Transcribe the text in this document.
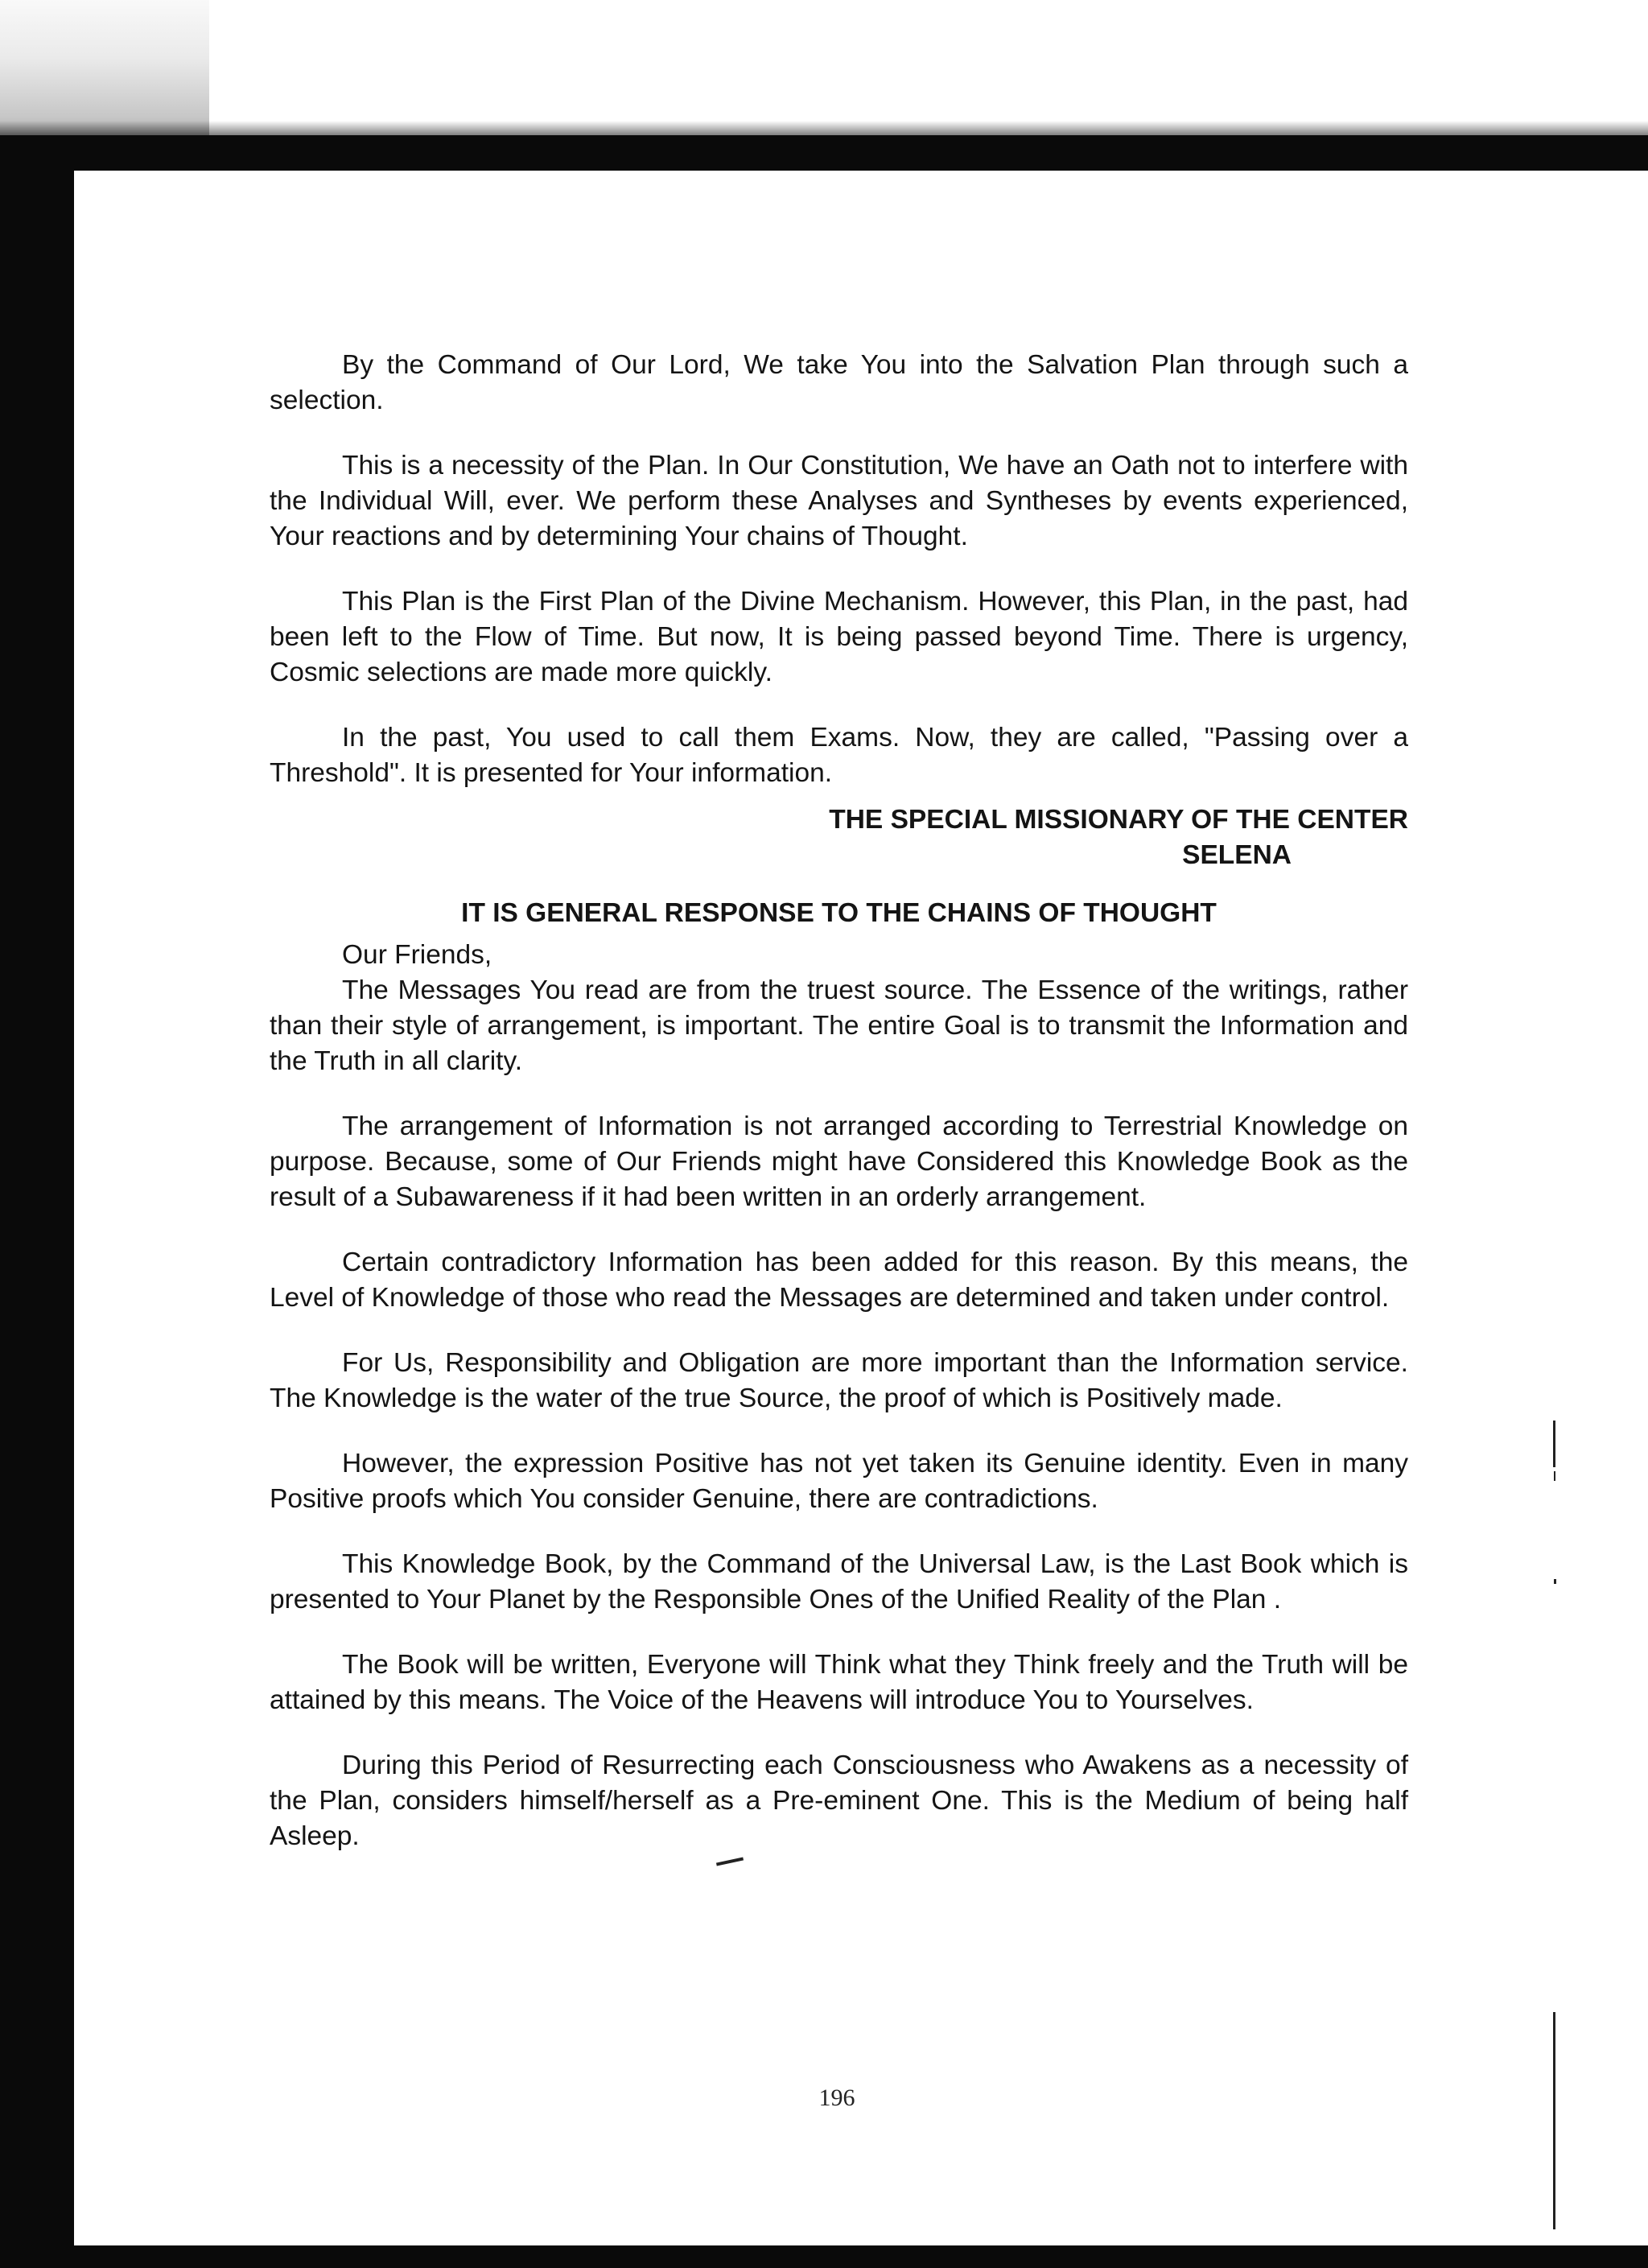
By the Command of Our Lord, We take You into the Salvation Plan through such a selection.

This is a necessity of the Plan. In Our Constitution, We have an Oath not to interfere with the Individual Will, ever. We perform these Analyses and Syntheses by events experienced, Your reactions and by determining Your chains of Thought.

This Plan is the First Plan of the Divine Mechanism. However, this Plan, in the past, had been left to the Flow of Time. But now, It is being passed beyond Time. There is urgency, Cosmic selections are made more quickly.

In the past, You used to call them Exams. Now, they are called, "Passing over a Threshold". It is presented for Your information.

THE SPECIAL MISSIONARY OF THE CENTER
SELENA
IT IS GENERAL RESPONSE TO THE CHAINS OF THOUGHT

Our Friends,

The Messages You read are from the truest source. The Essence of the writings, rather than their style of arrangement, is important. The entire Goal is to transmit the Information and the Truth in all clarity.

The arrangement of Information is not arranged according to Terrestrial Knowledge on purpose. Because, some of Our Friends might have Considered this Knowledge Book as the result of a Subawareness if it had been written in an orderly arrangement.

Certain contradictory Information has been added for this reason. By this means, the Level of Knowledge of those who read the Messages are determined and taken under control.

For Us, Responsibility and Obligation are more important than the Information service. The Knowledge is the water of the true Source, the proof of which is Positively made.

However, the expression Positive has not yet taken its Genuine identity. Even in many Positive proofs which You consider Genuine, there are contradictions.

This Knowledge Book, by the Command of the Universal Law, is the Last Book which is presented to Your Planet by the Responsible Ones of the Unified Reality of the Plan .

The Book will be written, Everyone will Think what they Think freely and the Truth will be attained by this means. The Voice of the Heavens will introduce You to Yourselves.

During this Period of Resurrecting each Consciousness who Awakens as a necessity of the Plan, considers himself/herself as a Pre-eminent One. This is the Medium of being half Asleep.

196
